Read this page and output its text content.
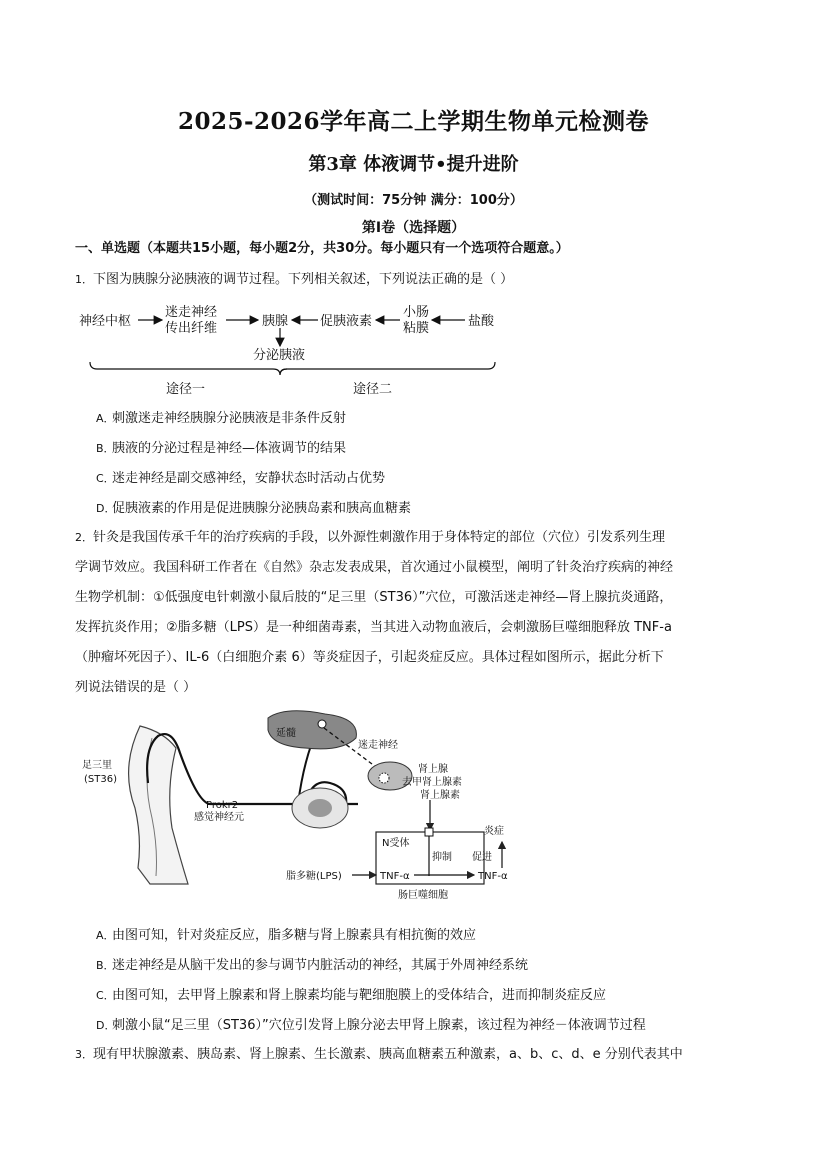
2025-2026学年高二上学期生物单元检测卷
第3章 体液调节•提升进阶
（测试时间：75分钟 满分：100分）
第Ⅰ卷（选择题）
一、单选题（本题共15小题，每小题2分，共30分。每小题只有一个选项符合题意。）
1．下图为胰腺分泌胰液的调节过程。下列相关叙述，下列说法正确的是（ ）
神经中枢
迷走神经
传出纤维	胰腺 促胰液素
小肠
粘膜	盐酸
分泌胰液
途径一	途径二
A．刺激迷走神经胰腺分泌胰液是非条件反射
B．胰液的分泌过程是神经—体液调节的结果
C．迷走神经是副交感神经，安静状态时活动占优势
D．促胰液素的作用是促进胰腺分泌胰岛素和胰高血糖素
2．针灸是我国传承千年的治疗疾病的手段，以外源性刺激作用于身体特定的部位（穴位）引发系列生理
学调节效应。我国科研工作者在《自然》杂志发表成果，首次通过小鼠模型，阐明了针灸治疗疾病的神经
生物学机制：①低强度电针刺激小鼠后肢的“足三里（ST36）”穴位，可激活迷走神经—肾上腺抗炎通路，
发挥抗炎作用；②脂多糖（LPS）是一种细菌毒素，当其进入动物血液后，会刺激肠巨噬细胞释放 TNF-a
（肿瘤坏死因子）、IL-6（白细胞介素 6）等炎症因子，引起炎症反应。具体过程如图所示，据此分析下
列说法错误的是（ ）
足三里
(ST36)
Prokr2
感觉神经元
延髓
迷走神经
肾上腺
去甲肾上腺素
肾上腺素
N受体
抑制 促进
炎症
脂多糖(LPS)	TNF-α	TNF-α
肠巨噬细胞
A．由图可知，针对炎症反应，脂多糖与肾上腺素具有相抗衡的效应
B．迷走神经是从脑干发出的参与调节内脏活动的神经，其属于外周神经系统
C．由图可知，去甲肾上腺素和肾上腺素均能与靶细胞膜上的受体结合，进而抑制炎症反应
D．刺激小鼠“足三里（ST36）”穴位引发肾上腺分泌去甲肾上腺素，该过程为神经－体液调节过程
3．现有甲状腺激素、胰岛素、肾上腺素、生长激素、胰高血糖素五种激素，a、b、c、d、e 分别代表其中
